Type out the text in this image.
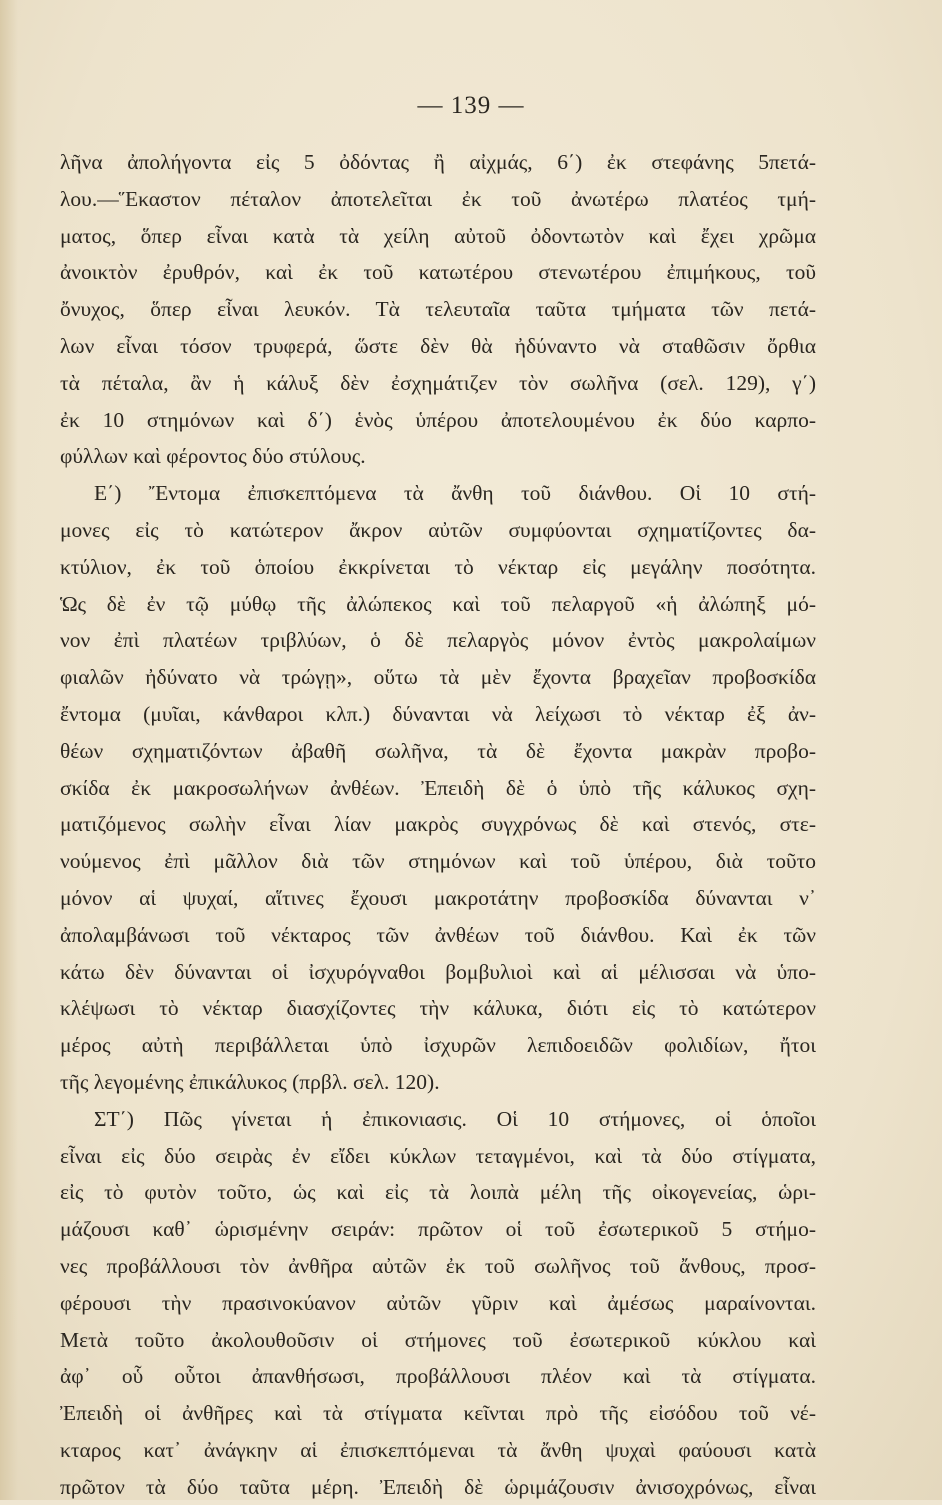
— 139 —
λῆνα ἀπολήγοντα εἰς 5 ὀδόντας ἢ αἰχμάς, 6΄) ἐκ στεφάνης 5πετά-
λου.—Ἕκαστον πέταλον ἀποτελεῖται ἐκ τοῦ ἀνωτέρω πλατέος τμή-
ματος, ὅπερ εἶναι κατὰ τὰ χείλη αὐτοῦ ὀδοντωτὸν καὶ ἔχει χρῶμα
ἀνοικτὸν ἐρυθρόν, καὶ ἐκ τοῦ κατωτέρου στενωτέρου ἐπιμήκους, τοῦ
ὄνυχος, ὅπερ εἶναι λευκόν. Τὰ τελευταῖα ταῦτα τμήματα τῶν πετά-
λων εἶναι τόσον τρυφερά, ὥστε δὲν θὰ ἠδύναντο νὰ σταθῶσιν ὄρθια
τὰ πέταλα, ἂν ἡ κάλυξ δὲν ἐσχημάτιζεν τὸν σωλῆνα (σελ. 129), γ΄)
ἐκ 10 στημόνων καὶ δ΄) ἑνὸς ὑπέρου ἀποτελουμένου ἐκ δύο καρπο-
φύλλων καὶ φέροντος δύο στύλους.
Ε΄) Ἔντομα ἐπισκεπτόμενα τὰ ἄνθη τοῦ διάνθου. Οἱ 10 στή-
μονες εἰς τὸ κατώτερον ἄκρον αὐτῶν συμφύονται σχηματίζοντες δα-
κτύλιον, ἐκ τοῦ ὁποίου ἐκκρίνεται τὸ νέκταρ εἰς μεγάλην ποσότητα.
Ὡς δὲ ἐν τῷ μύθῳ τῆς ἀλώπεκος καὶ τοῦ πελαργοῦ «ἡ ἀλώπηξ μό-
νον ἐπὶ πλατέων τριβλύων, ὁ δὲ πελαργὸς μόνον ἐντὸς μακρολαίμων
φιαλῶν ἠδύνατο νὰ τρώγῃ», οὕτω τὰ μὲν ἔχοντα βραχεῖαν προβοσκίδα
ἔντομα (μυῖαι, κάνθαροι κλπ.) δύνανται νὰ λείχωσι τὸ νέκταρ ἐξ ἀν-
θέων σχηματιζόντων ἀβαθῆ σωλῆνα, τὰ δὲ ἔχοντα μακρὰν προβο-
σκίδα ἐκ μακροσωλήνων ἀνθέων. Ἐπειδὴ δὲ ὁ ὑπὸ τῆς κάλυκος σχη-
ματιζόμενος σωλὴν εἶναι λίαν μακρὸς συγχρόνως δὲ καὶ στενός, στε-
νούμενος ἐπὶ μᾶλλον διὰ τῶν στημόνων καὶ τοῦ ὑπέρου, διὰ τοῦτο
μόνον αἱ ψυχαί, αἵτινες ἔχουσι μακροτάτην προβοσκίδα δύνανται ν᾽
ἀπολαμβάνωσι τοῦ νέκταρος τῶν ἀνθέων τοῦ διάνθου. Καὶ ἐκ τῶν
κάτω δὲν δύνανται οἱ ἰσχυρόγναθοι βομβυλιοὶ καὶ αἱ μέλισσαι νὰ ὑπο-
κλέψωσι τὸ νέκταρ διασχίζοντες τὴν κάλυκα, διότι εἰς τὸ κατώτερον
μέρος αὐτὴ περιβάλλεται ὑπὸ ἰσχυρῶν λεπιδοειδῶν φολιδίων, ἤτοι
τῆς λεγομένης ἐπικάλυκος (πρβλ. σελ. 120).
ΣΤ΄) Πῶς γίνεται ἡ ἐπικονιασις. Οἱ 10 στήμονες, οἱ ὁποῖοι
εἶναι εἰς δύο σειρὰς ἐν εἴδει κύκλων τεταγμένοι, καὶ τὰ δύο στίγματα,
εἰς τὸ φυτὸν τοῦτο, ὡς καὶ εἰς τὰ λοιπὰ μέλη τῆς οἰκογενείας, ὡρι-
μάζουσι καθ᾽ ὡρισμένην σειράν: πρῶτον οἱ τοῦ ἐσωτερικοῦ 5 στήμο-
νες προβάλλουσι τὸν ἀνθῆρα αὐτῶν ἐκ τοῦ σωλῆνος τοῦ ἄνθους, προσ-
φέρουσι τὴν πρασινοκύανον αὐτῶν γῦριν καὶ ἀμέσως μαραίνονται.
Μετὰ τοῦτο ἀκολουθοῦσιν οἱ στήμονες τοῦ ἐσωτερικοῦ κύκλου καὶ
ἀφ᾽ οὗ οὗτοι ἀπανθήσωσι, προβάλλουσι πλέον καὶ τὰ στίγματα.
Ἐπειδὴ οἱ ἀνθῆρες καὶ τὰ στίγματα κεῖνται πρὸ τῆς εἰσόδου τοῦ νέ-
κταρος κατ᾽ ἀνάγκην αἱ ἐπισκεπτόμεναι τὰ ἄνθη ψυχαὶ φαύουσι κατὰ
πρῶτον τὰ δύο ταῦτα μέρη. Ἐπειδὴ δὲ ὡριμάζουσιν ἀνισοχρόνως, εἶναι
